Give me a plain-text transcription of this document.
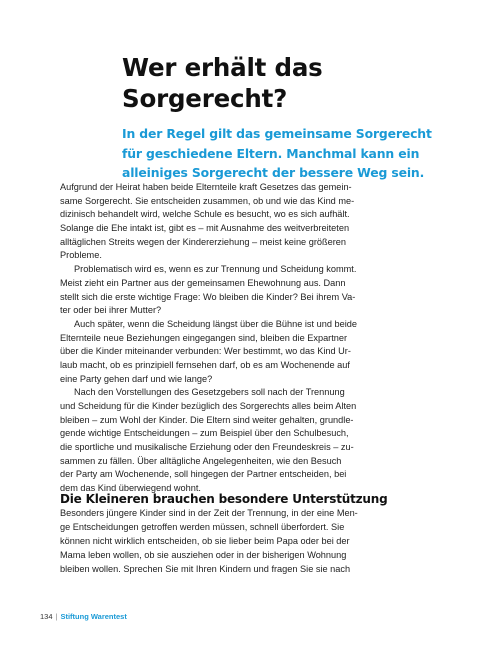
Wer erhält das
Sorgerecht?
In der Regel gilt das gemeinsame Sorgerecht
für geschiedene Eltern. Manchmal kann ein
alleiniges Sorgerecht der bessere Weg sein.
Aufgrund der Heirat haben beide Elternteile kraft Gesetzes das gemein-
same Sorgerecht. Sie entscheiden zusammen, ob und wie das Kind me-
dizinisch behandelt wird, welche Schule es besucht, wo es sich aufhält.
Solange die Ehe intakt ist, gibt es – mit Ausnahme des weitverbreiteten
alltäglichen Streits wegen der Kindererziehung – meist keine größeren
Probleme.
Problematisch wird es, wenn es zur Trennung und Scheidung kommt.
Meist zieht ein Partner aus der gemeinsamen Ehewohnung aus. Dann
stellt sich die erste wichtige Frage: Wo bleiben die Kinder? Bei ihrem Va-
ter oder bei ihrer Mutter?
Auch später, wenn die Scheidung längst über die Bühne ist und beide
Elternteile neue Beziehungen eingegangen sind, bleiben die Expartner
über die Kinder miteinander verbunden: Wer bestimmt, wo das Kind Ur-
laub macht, ob es prinzipiell fernsehen darf, ob es am Wochenende auf
eine Party gehen darf und wie lange?
Nach den Vorstellungen des Gesetzgebers soll nach der Trennung
und Scheidung für die Kinder bezüglich des Sorgerechts alles beim Alten
bleiben – zum Wohl der Kinder. Die Eltern sind weiter gehalten, grundle-
gende wichtige Entscheidungen – zum Beispiel über den Schulbesuch,
die sportliche und musikalische Erziehung oder den Freundeskreis – zu-
sammen zu fällen. Über alltägliche Angelegenheiten, wie den Besuch
der Party am Wochenende, soll hingegen der Partner entscheiden, bei
dem das Kind überwiegend wohnt.
Die Kleineren brauchen besondere Unterstützung
Besonders jüngere Kinder sind in der Zeit der Trennung, in der eine Men-
ge Entscheidungen getroffen werden müssen, schnell überfordert. Sie
können nicht wirklich entscheiden, ob sie lieber beim Papa oder bei der
Mama leben wollen, ob sie ausziehen oder in der bisherigen Wohnung
bleiben wollen. Sprechen Sie mit Ihren Kindern und fragen Sie sie nach
134 | Stiftung Warentest
